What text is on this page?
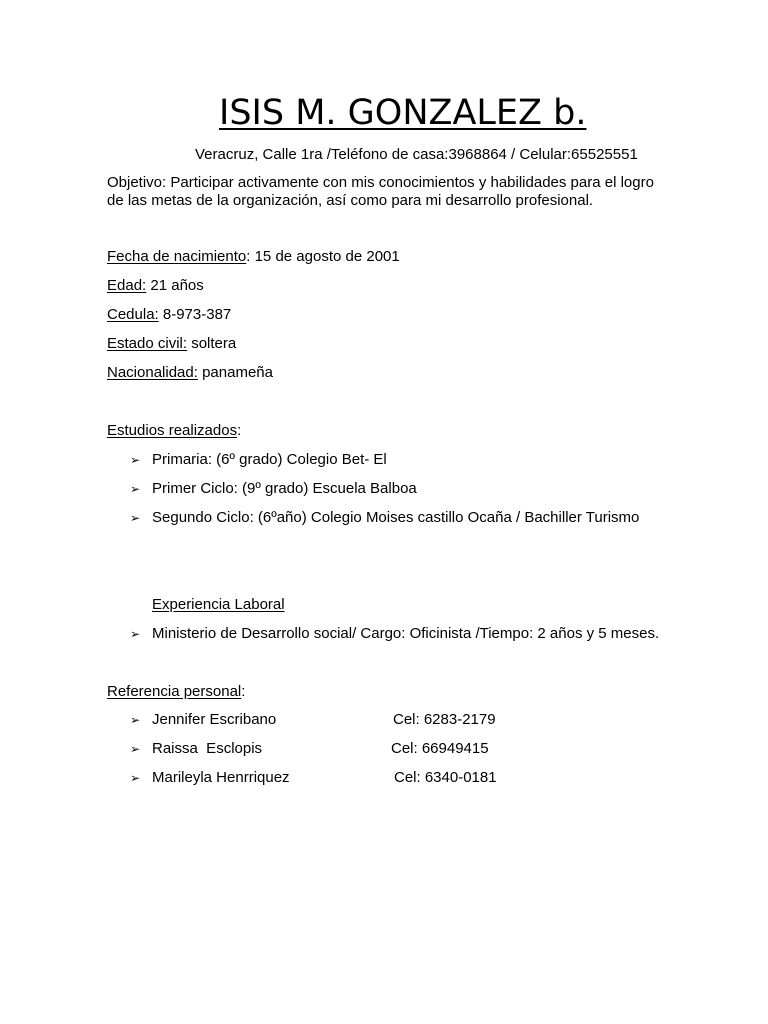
ISIS M. GONZALEZ b.
Veracruz, Calle 1ra /Teléfono de casa:3968864 / Celular:65525551
Objetivo: Participar activamente con mis conocimientos y habilidades para el logro
de las metas de la organización, así como para mi desarrollo profesional.
Fecha de nacimiento: 15 de agosto de 2001
Edad: 21 años
Cedula: 8-973-387
Estado civil: soltera
Nacionalidad: panameña
Estudios realizados:
➢ Primaria: (6º grado) Colegio Bet- El
➢ Primer Ciclo: (9º grado) Escuela Balboa
➢ Segundo Ciclo: (6ºaño) Colegio Moises castillo Ocaña / Bachiller Turismo
Experiencia Laboral
➢ Ministerio de Desarrollo social/ Cargo: Oficinista /Tiempo: 2 años y 5 meses.
Referencia personal:
➢ Jennifer Escribano	Cel: 6283-2179
➢ Raissa  Esclopis	Cel: 66949415
➢ Marileyla Henrriquez	Cel: 6340-0181
